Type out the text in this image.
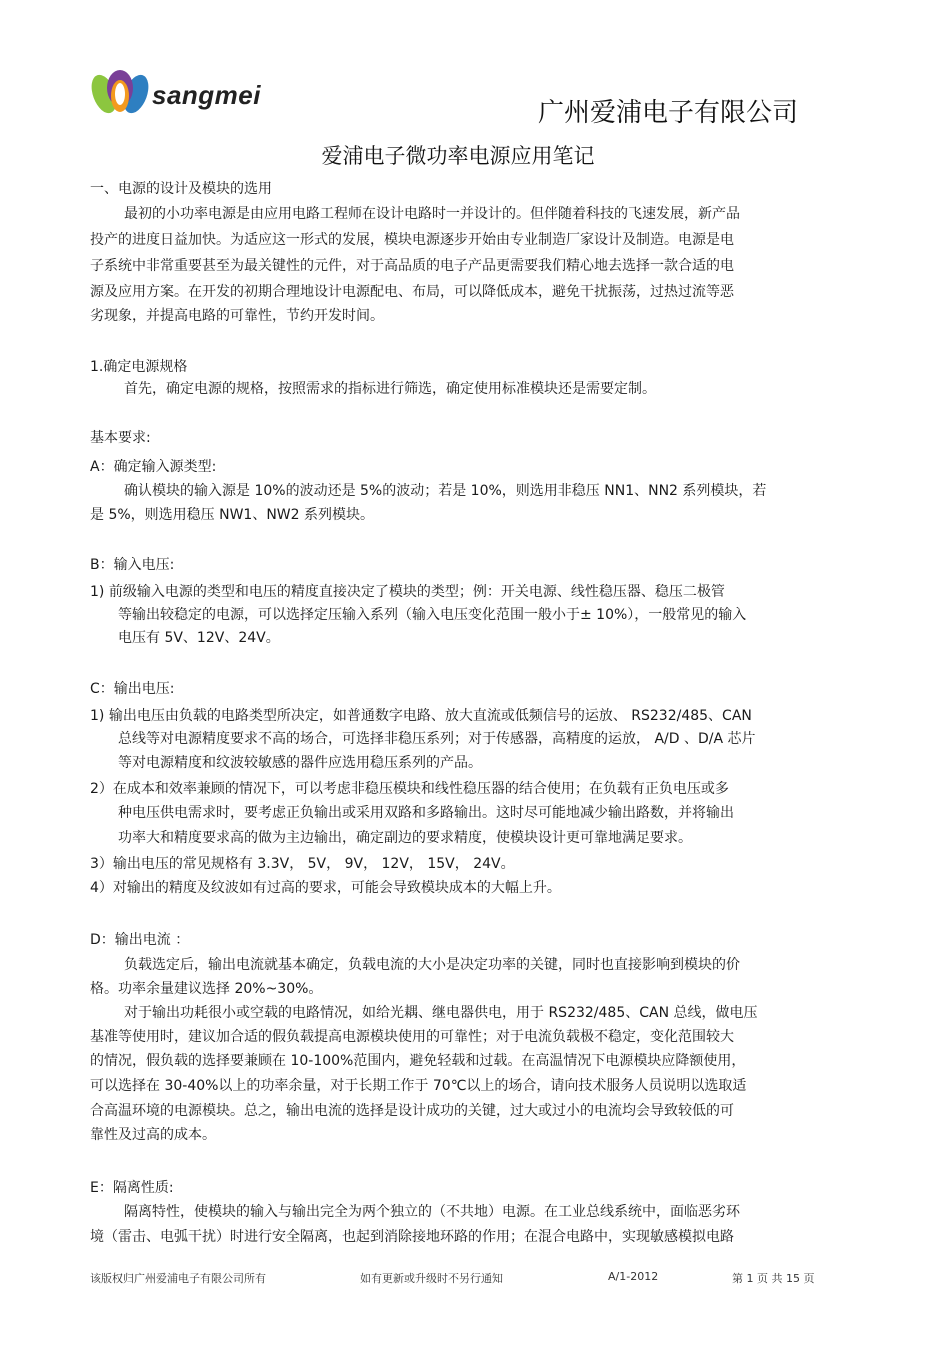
sangmei
广州爱浦电子有限公司
爱浦电子微功率电源应用笔记
一、电源的设计及模块的选用
最初的小功率电源是由应用电路工程师在设计电路时一并设计的。但伴随着科技的飞速发展，新产品
投产的进度日益加快。为适应这一形式的发展，模块电源逐步开始由专业制造厂家设计及制造。电源是电
子系统中非常重要甚至为最关键性的元件，对于高品质的电子产品更需要我们精心地去选择一款合适的电
源及应用方案。在开发的初期合理地设计电源配电、布局，可以降低成本，避免干扰振荡，过热过流等恶
劣现象，并提高电路的可靠性，节约开发时间。
1.确定电源规格
首先，确定电源的规格，按照需求的指标进行筛选，确定使用标准模块还是需要定制。
基本要求:
A：确定输入源类型:
确认模块的输入源是 10%的波动还是 5%的波动；若是 10%，则选用非稳压 NN1、NN2 系列模块，若
是 5%，则选用稳压 NW1、NW2 系列模块。
B：输入电压:
1) 前级输入电源的类型和电压的精度直接决定了模块的类型；例：开关电源、线性稳压器、稳压二极管
等输出较稳定的电源，可以选择定压输入系列（输入电压变化范围一般小于± 10%），一般常见的输入
电压有 5V、12V、24V。
C：输出电压:
1) 输出电压由负载的电路类型所决定，如普通数字电路、放大直流或低频信号的运放、 RS232/485、CAN
总线等对电源精度要求不高的场合，可选择非稳压系列；对于传感器，高精度的运放， A/D 、D/A 芯片
等对电源精度和纹波较敏感的器件应选用稳压系列的产品。
2）在成本和效率兼顾的情况下，可以考虑非稳压模块和线性稳压器的结合使用；在负载有正负电压或多
种电压供电需求时，要考虑正负输出或采用双路和多路输出。这时尽可能地减少输出路数，并将输出
功率大和精度要求高的做为主边输出，确定副边的要求精度，使模块设计更可靠地满足要求。
3）输出电压的常见规格有 3.3V， 5V， 9V， 12V， 15V， 24V。
4）对输出的精度及纹波如有过高的要求，可能会导致模块成本的大幅上升。
D：输出电流 ：
负载选定后，输出电流就基本确定，负载电流的大小是决定功率的关键，同时也直接影响到模块的价
格。功率余量建议选择 20%~30%。
对于输出功耗很小或空载的电路情况，如给光耦、继电器供电，用于 RS232/485、CAN 总线，做电压
基准等使用时，建议加合适的假负载提高电源模块使用的可靠性；对于电流负载极不稳定，变化范围较大
的情况，假负载的选择要兼顾在 10-100%范围内，避免轻载和过载。在高温情况下电源模块应降额使用，
可以选择在 30-40%以上的功率余量，对于长期工作于 70℃以上的场合，请向技术服务人员说明以选取适
合高温环境的电源模块。总之，输出电流的选择是设计成功的关键，过大或过小的电流均会导致较低的可
靠性及过高的成本。
E：隔离性质:
隔离特性，使模块的输入与输出完全为两个独立的（不共地）电源。在工业总线系统中，面临恶劣环
境（雷击、电弧干扰）时进行安全隔离，也起到消除接地环路的作用；在混合电路中，实现敏感模拟电路
该版权归广州爱浦电子有限公司所有	如有更新或升级时不另行通知	A/1-2012	第 1 页 共 15 页
